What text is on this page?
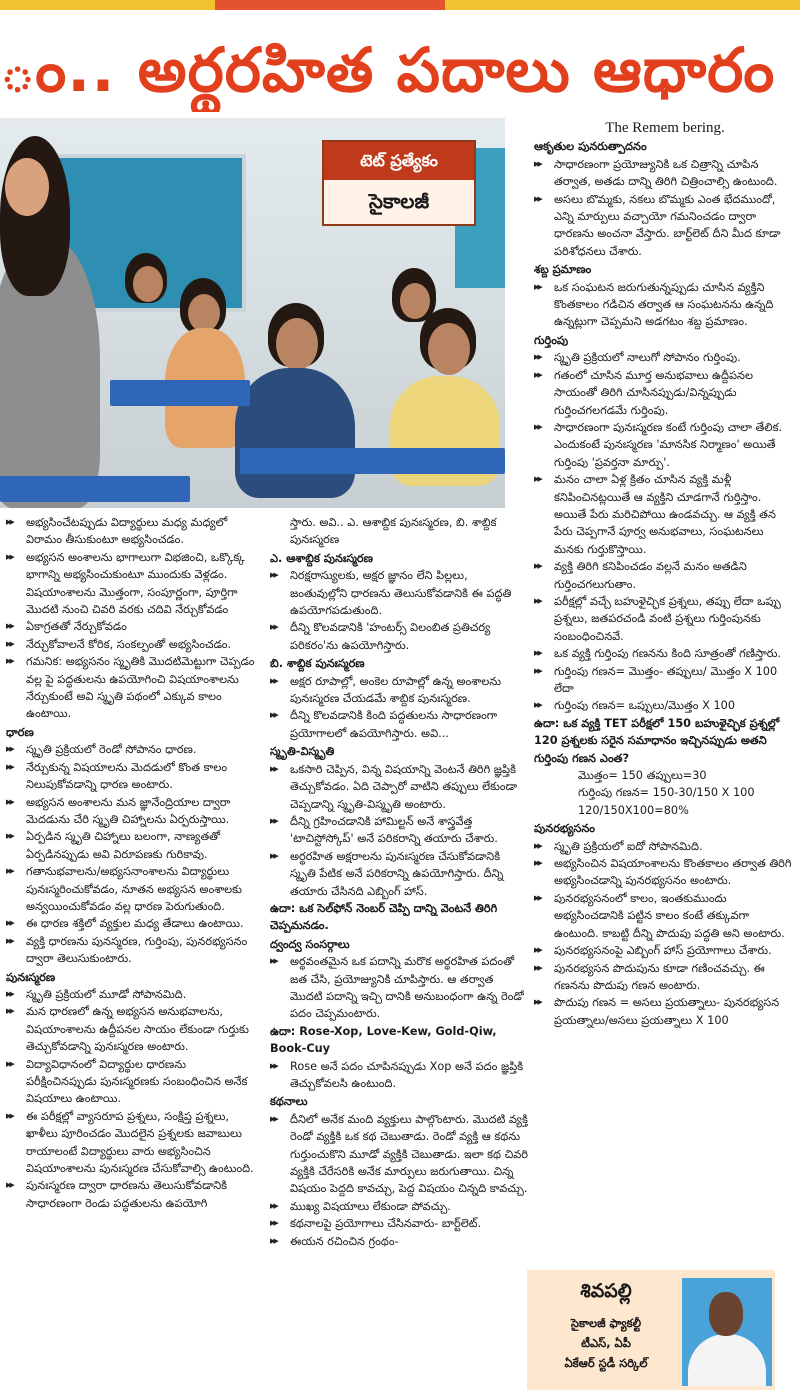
ం.. అర్థరహిత పదాలు ఆధారం
టెట్ ప్రత్యేకం
సైకాలజీ

▶▶ అభ్యసించేటప్పుడు విద్యార్థులు మధ్య మధ్యలో విరామం తీసుకుంటూ అభ్యసించడం.

▶▶ అభ్యసన అంశాలను భాగాలుగా విభజించి, ఒక్కొక్క భాగాన్ని అభ్యసించుకుంటూ ముందుకు వెళ్లడం. విషయాంశాలను మొత్తంగా, సంపూర్ణంగా, పూర్తిగా మొదటి నుంచి చివరి వరకు చదివి నేర్చుకోవడం

▶▶ ఏకాగ్రతతో నేర్చుకోవడం

▶▶ నేర్చుకోవాలనే కోరిక, సంకల్పంతో అభ్యసించడం.

▶▶ గమనిక: అభ్యసనం స్మృతికి మొదటిమెట్టుగా చెప్పడం వల్ల పై పద్ధతులను ఉపయోగించి విషయాంశాలను నేర్చుకుంటే అవి స్మృతి పథంలో ఎక్కువ కాలం ఉంటాయి.

ధారణ

▶▶ స్మృతి ప్రక్రియలో రెండో సోపానం ధారణ.

▶▶ నేర్చుకున్న విషయాలను మెదడులో కొంత కాలం నిలుపుకోవడాన్ని ధారణ అంటారు.

▶▶ అభ్యసన అంశాలను మన జ్ఞానేంద్రియాల ద్వారా మెదడును చేరి స్మృతి చిహ్నాలను ఏర్పరుస్తాయి.

▶▶ ఏర్పడిన స్మృతి చిహ్నాలు బలంగా, నాణ్యతతో ఏర్పడినప్పుడు అవి విరూపణకు గురికావు.

▶▶ గతానుభవాలను/అభ్యసనాంశాలను విద్యార్థులు పునఃస్మరించుకోవడం, నూతన అభ్యసన అంశాలకు అన్వయించుకోవడం వల్ల ధారణ పెరుగుతుంది.

▶▶ ఈ ధారణ శక్తిలో వ్యక్తుల మధ్య తేడాలు ఉంటాయి.

▶▶ వ్యక్తి ధారణను పునస్మరణ, గుర్తింపు, పునరభ్యసనం ద్వారా తెలుసుకుంటారు.

పునఃస్మరణ

▶▶ స్మృతి ప్రక్రియలో మూడో సోపానమిది.

▶▶ మన ధారణలో ఉన్న అభ్యసన అనుభవాలను, విషయాంశాలను ఉద్దీపనల సాయం లేకుండా గుర్తుకు తెచ్చుకోవడాన్ని పునఃస్మరణ అంటారు.

▶▶ విద్యావిధానంలో విద్యార్థుల ధారణను పరీక్షించినప్పుడు పునఃస్మరణకు సంబంధించిన అనేక విషయాలు ఉంటాయి.

▶▶ ఈ పరీక్షల్లో వ్యాసరూప ప్రశ్నలు, సంక్షిప్త ప్రశ్నలు, ఖాళీలు పూరించడం మొదలైన ప్రశ్నలకు జవాబులు రాయాలంటే విద్యార్థులు వారు అభ్యసించిన విషయాంశాలను పునఃస్మరణ చేసుకోవాల్సి ఉంటుంది.

▶▶ పునఃస్మరణ ద్వారా ధారణను తెలుసుకోవడానికి సాధారణంగా రెండు పద్ధతులను ఉపయోగి

స్తారు. అవి.. ఎ. ఆశాబ్దిక పునఃస్మరణ, బి. శాబ్దిక పునఃస్మరణ

ఎ. ఆశాబ్దిక పునఃస్మరణ

▶▶ నిరక్షరాస్యులకు, అక్షర జ్ఞానం లేని పిల్లలు, జంతువుల్లోని ధారణను తెలుసుకోవడానికి ఈ పద్ధతి ఉపయోగపడుతుంది.

▶▶ దీన్ని కొలవడానికి 'హంటర్స్ విలంబిత ప్రతిచర్య పరికరం'ను ఉపయోగిస్తారు.

బి. శాబ్దిక పునఃస్మరణ

▶▶ అక్షర రూపాల్లో, అంకెల రూపాల్లో ఉన్న అంశాలను పునఃస్మరణ చేయడమే శాబ్దిక పునఃస్మరణ.

▶▶ దీన్ని కొలవడానికి కింది పద్ధతులను సాధారణంగా ప్రయోగాలలో ఉపయోగిస్తారు. అవి...

స్మృతి-విస్మృతి

▶▶ ఒకసారి చెప్పిన, విన్న విషయాన్ని వెంటనే తిరిగి జ్ఞప్తికి తెచ్చుకోవడం. ఏది చెప్పారో వాటిని తప్పులు లేకుండా చెప్పడాన్ని స్మృతి-విస్మృతి అంటారు.

▶▶ దీన్ని గ్రహించడానికి హామిల్టన్ అనే శాస్త్రవేత్త 'టాచిస్టోస్కోప్' అనే పరికరాన్ని తయారు చేశారు.

▶▶ అర్థరహిత అక్షరాలను పునఃస్మరణ చేసుకోవడానికి స్మృతి పేటిక అనే పరికరాన్ని ఉపయోగిస్తారు. దీన్ని తయారు చేసినది ఎబ్బింగ్ హాస్.

ఉదా: ఒక సెల్‌ఫోన్ నెంబర్ చెప్పి దాన్ని వెంటనే తిరిగి చెప్పమనడం.

ద్వంద్వ సంసర్గాలు

▶▶ అర్థవంతమైన ఒక పదాన్ని మరొక అర్థరహిత పదంతో జత చేసి, ప్రయోజ్యునికి చూపిస్తారు. ఆ తర్వాత మొదటి పదాన్ని ఇచ్చి దానికి అనుబంధంగా ఉన్న రెండో పదం చెప్పమంటారు.

ఉదా: Rose-Xop, Love-Kew, Gold-Qiw, Book-Cuy

▶▶ Rose అనే పదం చూపినప్పుడు Xop అనే పదం జ్ఞప్తికి తెచ్చుకోవలసి ఉంటుంది.

కథనాలు

▶▶ దీనిలో అనేక మంది వ్యక్తులు పాల్గొంటారు. మొదటి వ్యక్తి రెండో వ్యక్తికి ఒక కథ చెబుతాడు. రెండో వ్యక్తి ఆ కథను గుర్తుంచుకొని మూడో వ్యక్తికి చెబుతాడు. ఇలా కథ చివరి వ్యక్తికి చేరేసరికి అనేక మార్పులు జరుగుతాయి. చిన్న విషయం పెద్దది కావచ్చు, పెద్ద విషయం చిన్నది కావచ్చు.

▶▶ ముఖ్య విషయాలు లేకుండా పోవచ్చు.

▶▶ కథనాలపై ప్రయోగాలు చేసినవారు- బార్ట్‌లెట్.

▶▶ ఈయన రచించిన గ్రంథం-

The Remem bering.

ఆకృతుల పునరుత్పాదనం

▶▶ సాధారణంగా ప్రయోజ్యునికి ఒక చిత్రాన్ని చూపిన తర్వాత, అతడు దాన్ని తిరిగి చిత్రించాల్సి ఉంటుంది.

▶▶ అసలు బొమ్మకు, నకలు బొమ్మకు ఎంత భేదముందో, ఎన్ని మార్పులు వచ్చాయో గమనించడం ద్వారా ధారణను అంచనా వేస్తారు. బార్ట్‌లెట్ దీని మీద కూడా పరిశోధనలు చేశారు.

శబ్ద ప్రమాణం

▶▶ ఒక సంఘటన జరుగుతున్నప్పుడు చూసిన వ్యక్తిని కొంతకాలం గడిచిన తర్వాత ఆ సంఘటనను ఉన్నది ఉన్నట్లుగా చెప్పమని అడగటం శబ్ద ప్రమాణం.

గుర్తింపు

▶▶ స్మృతి ప్రక్రియలో నాలుగో సోపానం గుర్తింపు.

▶▶ గతంలో చూసిన మూర్త అనుభవాలు ఉద్దీపనల సాయంతో తిరిగి చూసినప్పుడు/విన్నప్పుడు గుర్తించగలగడమే గుర్తింపు.

▶▶ సాధారణంగా పునఃస్మరణ కంటే గుర్తింపు చాలా తేలిక. ఎందుకంటే పునఃస్మరణ 'మానసిక నిర్మాణం' అయితే గుర్తింపు 'ప్రవర్తనా మార్పు'.

▶▶ మనం చాలా ఏళ్ల క్రితం చూసిన వ్యక్తి మళ్లీ కనిపించినట్లయితే ఆ వ్యక్తిని చూడగానే గుర్తిస్తాం. అయితే పేరు మరిచిపోయి ఉండవచ్చు. ఆ వ్యక్తి తన పేరు చెప్పగానే పూర్వ అనుభవాలు, సంఘటనలు మనకు గుర్తుకొస్తాయి.

▶▶ వ్యక్తి తిరిగి కనిపించడం వల్లనే మనం అతడిని గుర్తించగలుగుతాం.

▶▶ పరీక్షల్లో వచ్చే బహుళైచ్ఛిక ప్రశ్నలు, తప్పు లేదా ఒప్పు ప్రశ్నలు, జతపరచండి వంటి ప్రశ్నలు గుర్తింపునకు సంబంధించినవే.

▶▶ ఒక వ్యక్తి గుర్తింపు గణనను కింది సూత్రంతో గణిస్తారు.

▶▶ గుర్తింపు గణన= మొత్తం- తప్పులు/ మొత్తం X 100 లేదా

▶▶ గుర్తింపు గణన= ఒప్పులు/మొత్తం X 100

ఉదా: ఒక వ్యక్తి TET పరీక్షలో 150 బహుళైచ్ఛిక ప్రశ్నల్లో 120 ప్రశ్నలకు సరైన సమాధానం ఇచ్చినప్పుడు అతని గుర్తింపు గణన ఎంత?

మొత్తం= 150 తప్పులు=30

గుర్తింపు గణన= 150-30/150 X 100

120/150X100=80%

పునరభ్యసనం

▶▶ స్మృతి ప్రక్రియలో ఐదో సోపానమిది.

▶▶ అభ్యసించిన విషయాంశాలను కొంతకాలం తర్వాత తిరిగి అభ్యసించడాన్ని పునరభ్యసనం అంటారు.

▶▶ పునరభ్యసనంలో కాలం, ఇంతకుముందు అభ్యసించడానికి పట్టిన కాలం కంటే తక్కువగా ఉంటుంది. కాబట్టి దీన్ని పొదుపు పద్ధతి అని అంటారు.

▶▶ పునరభ్యసనంపై ఎబ్బింగ్ హాస్ ప్రయోగాలు చేశారు.

▶▶ పునరభ్యసన పొదుపును కూడా గణించవచ్చు. ఈ గణనను పొదుపు గణన అంటారు.

▶▶ పొదుపు గణన = అసలు ప్రయత్నాలు- పునరభ్యసన ప్రయత్నాలు/అసలు ప్రయత్నాలు X 100

శివపల్లి
సైకాలజీ ఫ్యాకల్టీ
టీఎస్, ఏపీ
ఏకేఆర్ స్టడీ సర్కిల్
